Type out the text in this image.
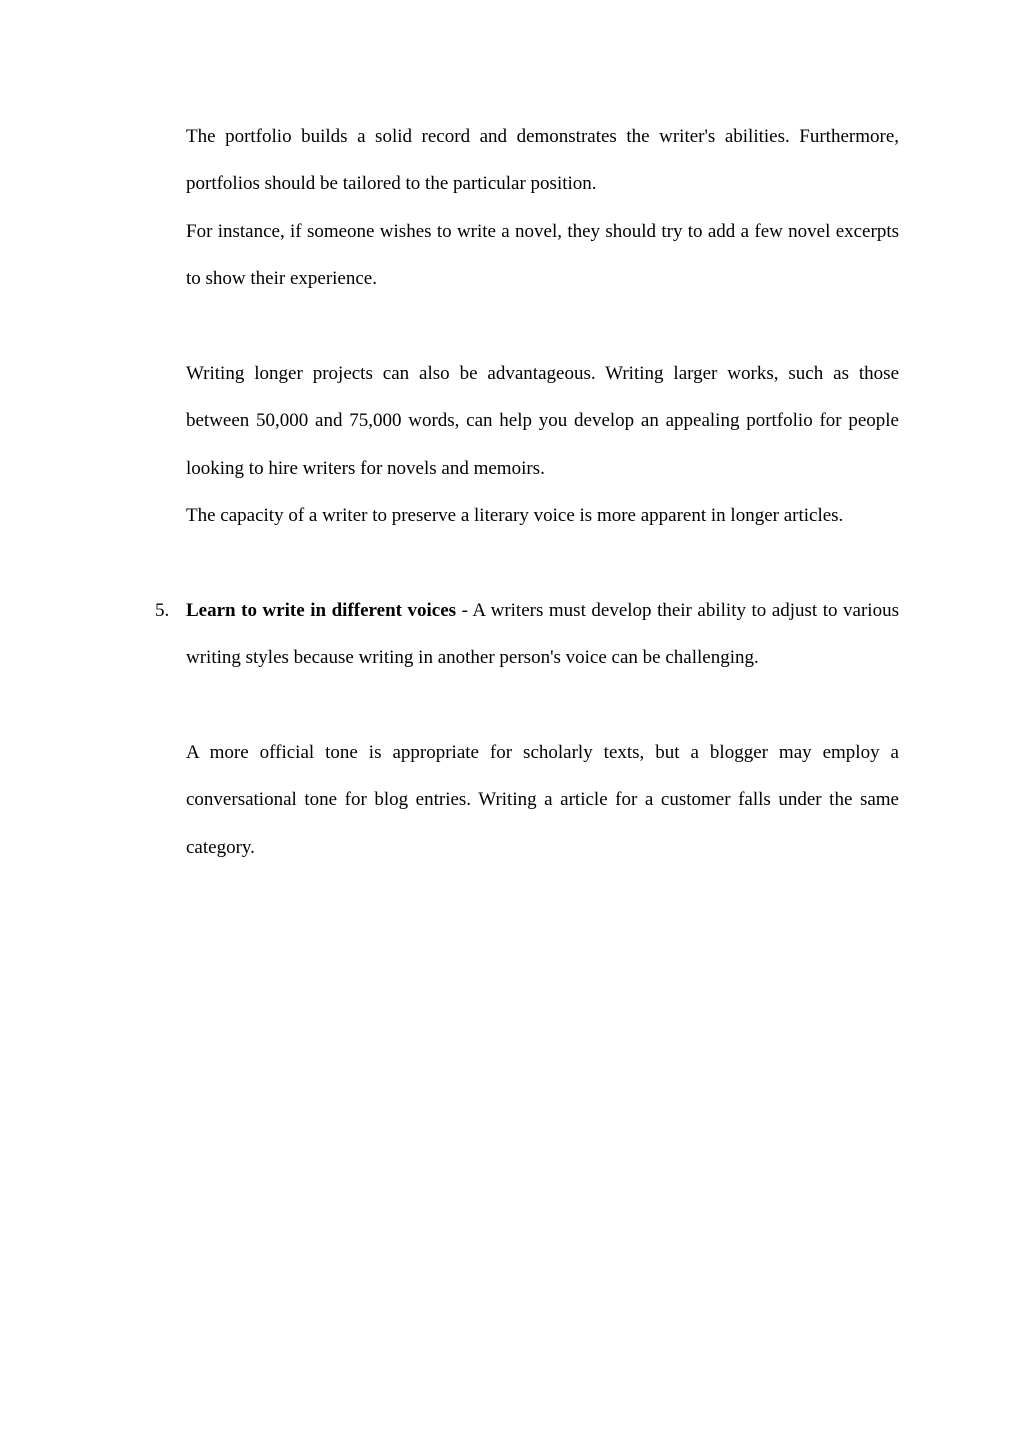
The portfolio builds a solid record and demonstrates the writer's abilities. Furthermore, portfolios should be tailored to the particular position.

For instance, if someone wishes to write a novel, they should try to add a few novel excerpts to show their experience.

Writing longer projects can also be advantageous. Writing larger works, such as those between 50,000 and 75,000 words, can help you develop an appealing portfolio for people looking to hire writers for novels and memoirs.

The capacity of a writer to preserve a literary voice is more apparent in longer articles.

5. Learn to write in different voices - A writers must develop their ability to adjust to various writing styles because writing in another person's voice can be challenging.

A more official tone is appropriate for scholarly texts, but a blogger may employ a conversational tone for blog entries. Writing a article for a customer falls under the same category.
